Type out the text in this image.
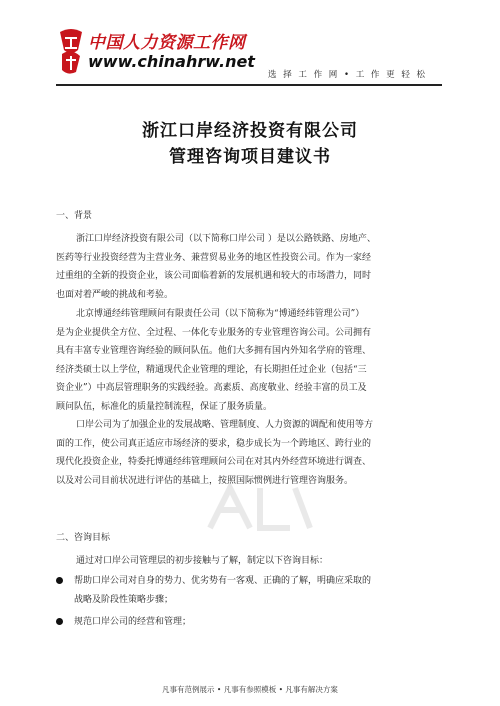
中国人力资源工作网
www.chinahrw.net
选 择 工 作 网 • 工 作 更 轻 松
浙江口岸经济投资有限公司
管理咨询项目建议书
一、背景
浙江口岸经济投资有限公司（以下简称口岸公司 ）是以公路铁路、房地产、
医药等行业投资经营为主营业务、兼营贸易业务的地区性投资公司。作为一家经
过重组的全新的投资企业，该公司面临着新的发展机遇和较大的市场潜力，同时
也面对着严峻的挑战和考验。
北京博通经纬管理顾问有限责任公司（以下简称为“博通经纬管理公司”）
是为企业提供全方位、全过程、一体化专业服务的专业管理咨询公司。公司拥有
具有丰富专业管理咨询经验的顾问队伍。他们大多拥有国内外知名学府的管理、
经济类硕士以上学位，精通现代企业管理的理论，有长期担任过企业（包括“三
资企业”）中高层管理职务的实践经验。高素质、高度敬业、经验丰富的员工及
顾问队伍，标准化的质量控制流程，保证了服务质量。
口岸公司为了加强企业的发展战略、管理制度、人力资源的调配和使用等方
面的工作，使公司真正适应市场经济的要求，稳步成长为一个跨地区、跨行业的
现代化投资企业，特委托博通经纬管理顾问公司在对其内外经营环境进行调查、
以及对公司目前状况进行评估的基础上，按照国际惯例进行管理咨询服务。
二、咨询目标
通过对口岸公司管理层的初步接触与了解，制定以下咨询目标：
帮助口岸公司对自身的势力、优劣势有一客观、正确的了解，明确应采取的
战略及阶段性策略步骤；
规范口岸公司的经营和管理；
凡事有范例展示 • 凡事有参照模板 • 凡事有解决方案
